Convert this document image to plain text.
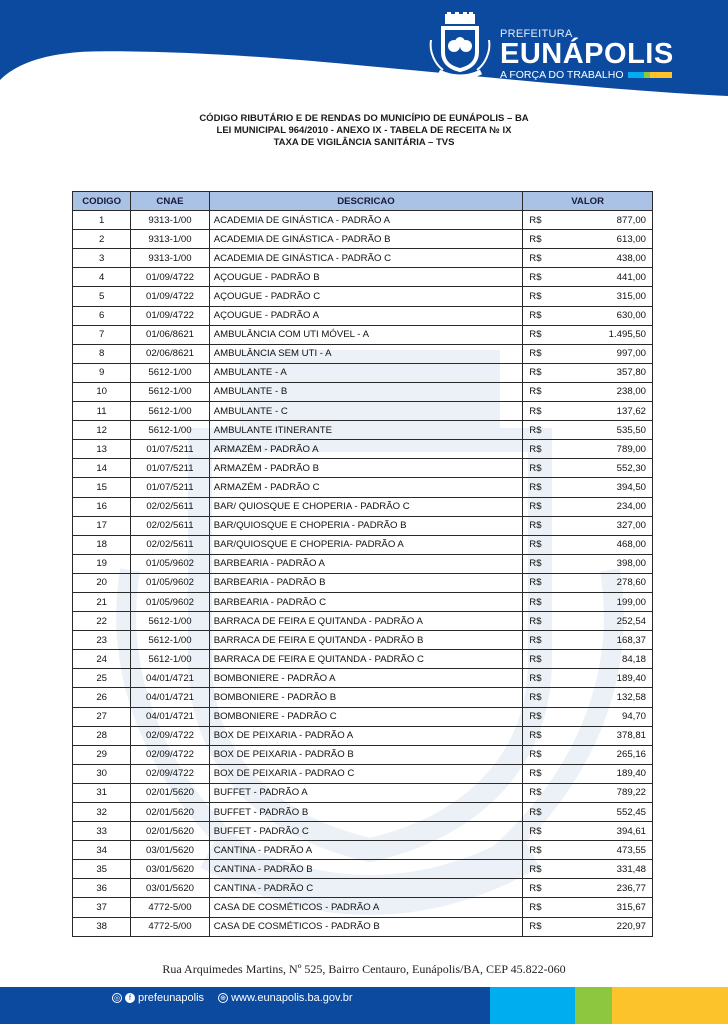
PREFEITURA
EUNÁPOLIS
A FORÇA DO TRABALHO
CÓDIGO RIBUTÁRIO E DE RENDAS DO MUNICÍPIO DE EUNÁPOLIS – BA
LEI MUNICIPAL 964/2010 - ANEXO IX - TABELA DE RECEITA № IX
TAXA DE VIGILÂNCIA SANITÁRIA – TVS
CODIGO	CNAE	DESCRICAO	VALOR
1	9313-1/00	ACADEMIA DE GINÁSTICA - PADRÃO A	R$ 877,00

2	9313-1/00	ACADEMIA DE GINÁSTICA - PADRÃO B	R$ 613,00

3	9313-1/00	ACADEMIA DE GINÁSTICA - PADRÃO C	R$ 438,00

4	01/09/4722	AÇOUGUE - PADRÃO B	R$ 441,00

5	01/09/4722	AÇOUGUE - PADRÃO C	R$ 315,00

6	01/09/4722	AÇOUGUE - PADRÃO A	R$ 630,00

7	01/06/8621	AMBULÂNCIA COM UTI MÓVEL - A	R$ 1.495,50

8	02/06/8621	AMBULÂNCIA SEM UTI - A	R$ 997,00

9	5612-1/00	AMBULANTE - A	R$ 357,80

10	5612-1/00	AMBULANTE - B	R$ 238,00

11	5612-1/00	AMBULANTE - C	R$ 137,62

12	5612-1/00	AMBULANTE ITINERANTE	R$ 535,50

13	01/07/5211	ARMAZÉM - PADRÃO A	R$ 789,00

14	01/07/5211	ARMAZÉM - PADRÃO B	R$ 552,30

15	01/07/5211	ARMAZÉM - PADRÃO C	R$ 394,50

16	02/02/5611	BAR/ QUIOSQUE E CHOPERIA - PADRÃO C	R$ 234,00

17	02/02/5611	BAR/QUIOSQUE E CHOPERIA - PADRÃO B	R$ 327,00

18	02/02/5611	BAR/QUIOSQUE E CHOPERIA- PADRÃO A	R$ 468,00

19	01/05/9602	BARBEARIA - PADRÃO A	R$ 398,00

20	01/05/9602	BARBEARIA - PADRÃO B	R$ 278,60

21	01/05/9602	BARBEARIA - PADRÃO C	R$ 199,00

22	5612-1/00	BARRACA DE FEIRA E QUITANDA - PADRÃO A	R$ 252,54

23	5612-1/00	BARRACA DE FEIRA E QUITANDA - PADRÃO B	R$ 168,37

24	5612-1/00	BARRACA DE FEIRA E QUITANDA - PADRÃO C	R$ 84,18

25	04/01/4721	BOMBONIERE - PADRÃO A	R$ 189,40

26	04/01/4721	BOMBONIERE - PADRÃO B	R$ 132,58

27	04/01/4721	BOMBONIERE - PADRÃO C	R$ 94,70

28	02/09/4722	BOX DE PEIXARIA - PADRÃO A	R$ 378,81

29	02/09/4722	BOX DE PEIXARIA - PADRÃO B	R$ 265,16

30	02/09/4722	BOX DE PEIXARIA - PADRAO C	R$ 189,40

31	02/01/5620	BUFFET - PADRÃO A	R$ 789,22

32	02/01/5620	BUFFET - PADRÃO B	R$ 552,45

33	02/01/5620	BUFFET - PADRÃO C	R$ 394,61

34	03/01/5620	CANTINA - PADRÃO A	R$ 473,55

35	03/01/5620	CANTINA - PADRÃO B	R$ 331,48

36	03/01/5620	CANTINA - PADRÃO C	R$ 236,77

37	4772-5/00	CASA DE COSMÉTICOS - PADRÃO A	R$ 315,67

38	4772-5/00	CASA DE COSMÉTICOS - PADRÃO B	R$ 220,97
Rua Arquimedes Martins, Nº 525, Bairro Centauro, Eunápolis/BA, CEP 45.822-060
◎	f prefeunapolis ⊕ www.eunapolis.ba.gov.br
